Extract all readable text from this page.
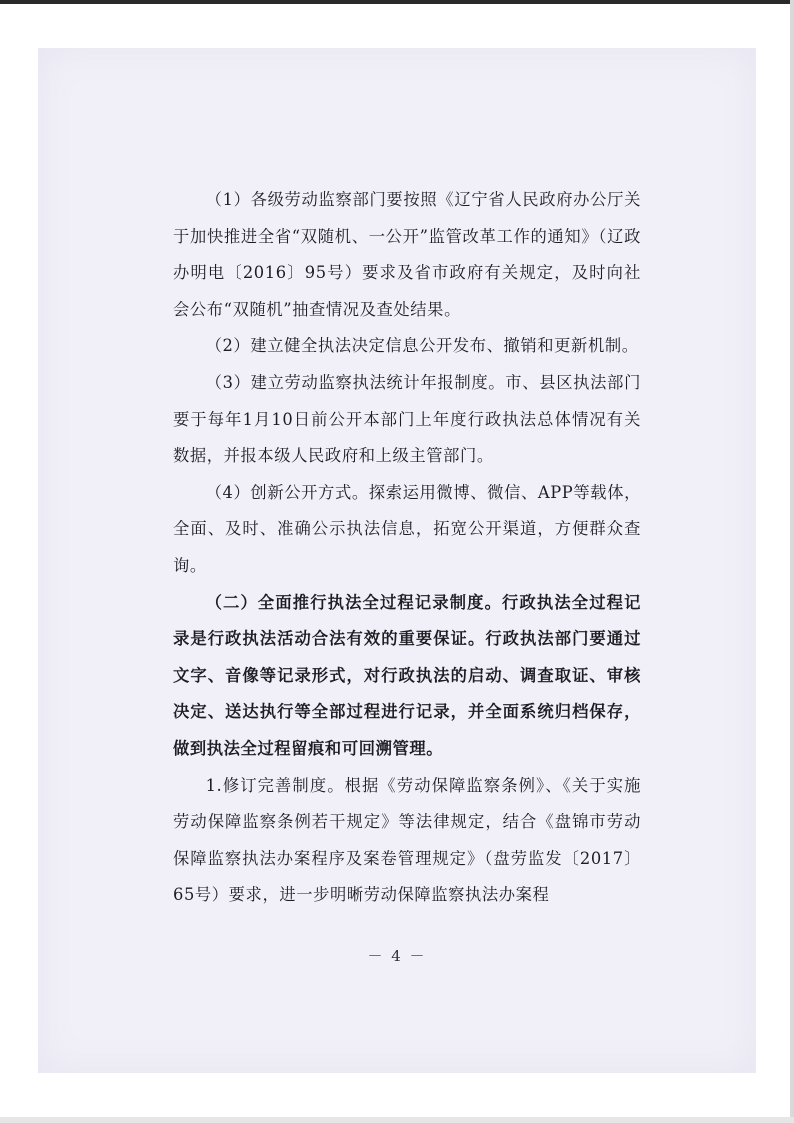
（1）各级劳动监察部门要按照《辽宁省人民政府办公厅关于加快推进全省“双随机、一公开”监管改革工作的通知》（辽政办明电〔2016〕95号）要求及省市政府有关规定，及时向社会公布“双随机”抽查情况及查处结果。

（2）建立健全执法决定信息公开发布、撤销和更新机制。

（3）建立劳动监察执法统计年报制度。市、县区执法部门要于每年1月10日前公开本部门上年度行政执法总体情况有关数据，并报本级人民政府和上级主管部门。

（4）创新公开方式。探索运用微博、微信、APP等载体，全面、及时、准确公示执法信息，拓宽公开渠道，方便群众查询。

（二）全面推行执法全过程记录制度。行政执法全过程记录是行政执法活动合法有效的重要保证。行政执法部门要通过文字、音像等记录形式，对行政执法的启动、调查取证、审核决定、送达执行等全部过程进行记录，并全面系统归档保存，做到执法全过程留痕和可回溯管理。

1.修订完善制度。根据《劳动保障监察条例》、《关于实施劳动保障监察条例若干规定》等法律规定，结合《盘锦市劳动保障监察执法办案程序及案卷管理规定》（盘劳监发〔2017〕65号）要求，进一步明晰劳动保障监察执法办案程

－ 4 －
